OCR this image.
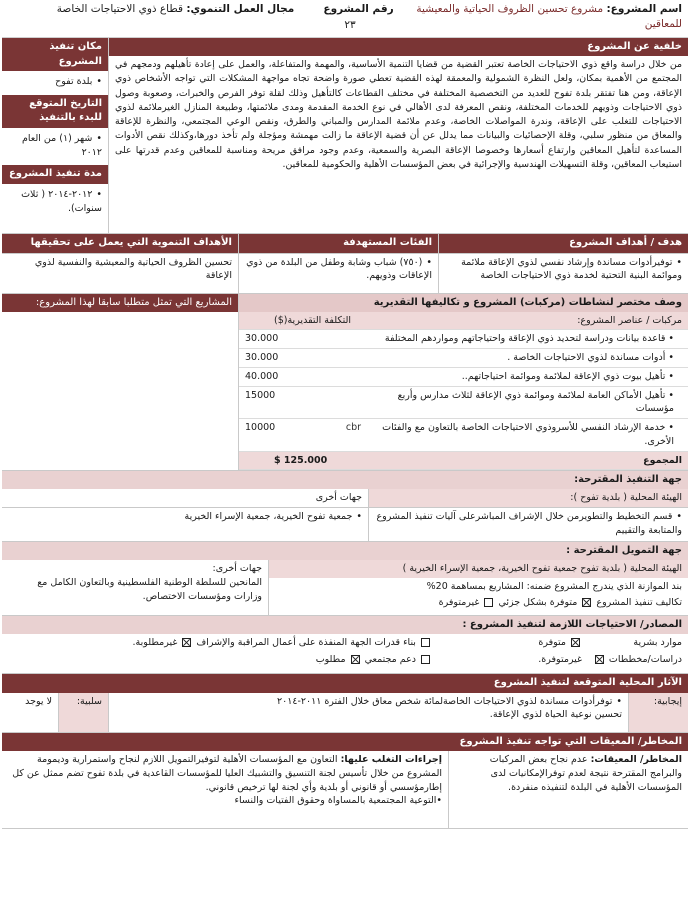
اسم المشروع: مشروع تحسين الظروف الحياتية والمعيشية للمعاقين
رقم المشروع
٢٣
مجال العمل التنموي: قطاع ذوي الاحتياجات الخاصة
خلفية عن المشروع

من خلال دراسة واقع ذوي الاحتياجات الخاصة تعتبر القضية من قضايا التنمية الأساسية، والمهمة والمتفاعلة، والعمل على إعادة تأهيلهم ودمجهم في المجتمع من الأهمية بمكان، ولعل النظرة الشمولية والمعمقة لهذه القضية تعطي صورة واضحة تجاه مواجهة المشكلات التي تواجه الأشخاص ذوي الإعاقة، ومن هنا تفتقر بلدة تفوح للعديد من التخصصية المختلفة في مختلف القطاعات كالتأهيل وذلك لقلة توفر الفرص والخبرات، وصعوبة وصول ذوي الاحتياجات وذويهم للخدمات المختلفة، ونقص المعرفة لدى الأهالي في نوع الخدمة المقدمة ومدى ملائمتها، وطبيعة المنازل الغيرملائمة لذوي الاحتياجات للتغلب على الإعاقة، وندرة المواصلات الخاصة، وعدم ملائمة المدارس والمباني والطرق، ونقص الوعي المجتمعي، والنظرة للإعاقة والمعاق من منظور سلبي، وقلة الإحصائيات والبيانات مما يدلل عن أن قضية الإعاقة ما زالت مهمشة ومؤجلة ولم تأخذ دورها،وكذلك نقص الأدوات المساعدة لتأهيل المعاقين وارتفاع أسعارها وخصوصا الإعاقة البصرية والسمعية، وعدم وجود مرافق مريحة ومناسبة للمعاقين وعدم قدرتها على استيعاب المعاقين، وقلة التسهيلات الهندسية والإجرائية في بعض المؤسسات الأهلية والحكومية للمعاقين.

مكان تنفيذ المشروع
• بلدة تفوح
التاريخ المتوقع للبدء بالتنفيذ
• شهر (١) من العام ٢٠١٢
مدة تنفيذ المشروع
• ٢٠١٢-٢٠١٤ ( ثلاث سنوات).
هدف / أهداف المشروع
الفئات المستهدفة
الأهداف التنموية التي يعمل على تحقيقها
• توفيرأدوات مساندة وإرشاد نفسي لذوي الإعاقة ملائمة وموائمة البنية التحتية لخدمة ذوي الاحتياجات الخاصة
• (٧٥٠) شباب وشابة وطفل من البلدة من ذوي الإعاقات وذويهم.

تحسين الظروف الحياتية والمعيشية والنفسية لذوي الإعاقة

وصف مختصر لنشاطات (مركبات) المشروع و تكاليفها التقديرية
مركبات / عناصر المشروع:
التكلفة التقديرية($)
• قاعدة بيانات ودراسة لتحديد ذوي الإعاقة واحتياجاتهم ومواردهم المختلفة
30.000
• أدوات مساندة لذوي الاحتياجات الخاصة .
30.000
• تأهيل بيوت ذوي الإعاقة لملائمة وموائمة احتياجاتهم..
40.000
• تأهيل الأماكن العامة لملائمة وموائمة ذوي الإعاقة لثلاث مدارس وأربع مؤسسات
15000
• خدمة الإرشاد النفسي للأسروذوي الاحتياجات الخاصة بالتعاون مع والفئات الأخرى.
cbr
10000
المجموع
125.000 $
المشاريع التي تمثل متطلبا سابقا لهذا المشروع:
جهة التنفيذ المقترحة:
الهيئة المحلية ( بلدية تفوح ):
جهات أخرى
• قسم التخطيط والتطويرمن خلال الإشراف المباشرعلى آليات تنفيذ المشروع والمتابعة والتقييم
• جمعية تفوح الخيرية، جمعية الإسراء الخيرية
جهة التمويل المقترحة :
الهيئة المحلية ( بلدية تفوح جمعية تفوح الخيرية، جمعية الإسراء الخيرية )
بند الموازنة الذي يندرج المشروع ضمنه: المشاريع بمساهمة 20%
تكاليف تنفيذ المشروع  متوفرة بشكل جزئي  غيرمتوفرة

جهات أخرى:

المانحين للسلطة الوطنية الفلسطينية وبالتعاون الكامل مع وزارات ومؤسسات الاختصاص.

المصادر/ الاحتياجات اللازمة لتنفيذ المشروع :
موارد بشرية
متوفرة
بناء قدرات الجهة المنفذة على أعمال المراقبة والإشراف  غيرمطلوبة.
دراسات/مخططات
غيرمتوفرة.
دعم مجتمعي  مطلوب
الآثار المحلية المتوقعة لتنفيذ المشروع
إيجابية:
• توفرأدوات مساندة لذوي الاحتياجات الخاصةلمائة شخص معاق خلال الفترة ٢٠١١-٢٠١٤

تحسين نوعية الحياة لذوي الإعاقة.

سلبية:
لا يوجد
المخاطر/ المعيقات التي تواجه تنفيذ المشروع

المخاطر/ المعيقات: عدم نجاح بعض المركبات والبرامج المقترحة نتيجة لعدم توفرالإمكانيات لدى المؤسسات الأهلية في البلدة لتنفيذه منفردة.

إجراءات التغلب عليها: التعاون مع المؤسسات الأهلية لتوفيرالتمويل اللازم لنجاح واستمرارية وديمومة المشروع من خلال تأسيس لجنة التنسيق والتشبيك العليا للمؤسسات القاعدية في بلدة تفوح تضم ممثل عن كل إطارمؤسسي أو قانوني أو بلدية وأي لجنة لها ترخيص قانوني.

•التوعية المجتمعية بالمساواة وحقوق الفتيات والنساء
